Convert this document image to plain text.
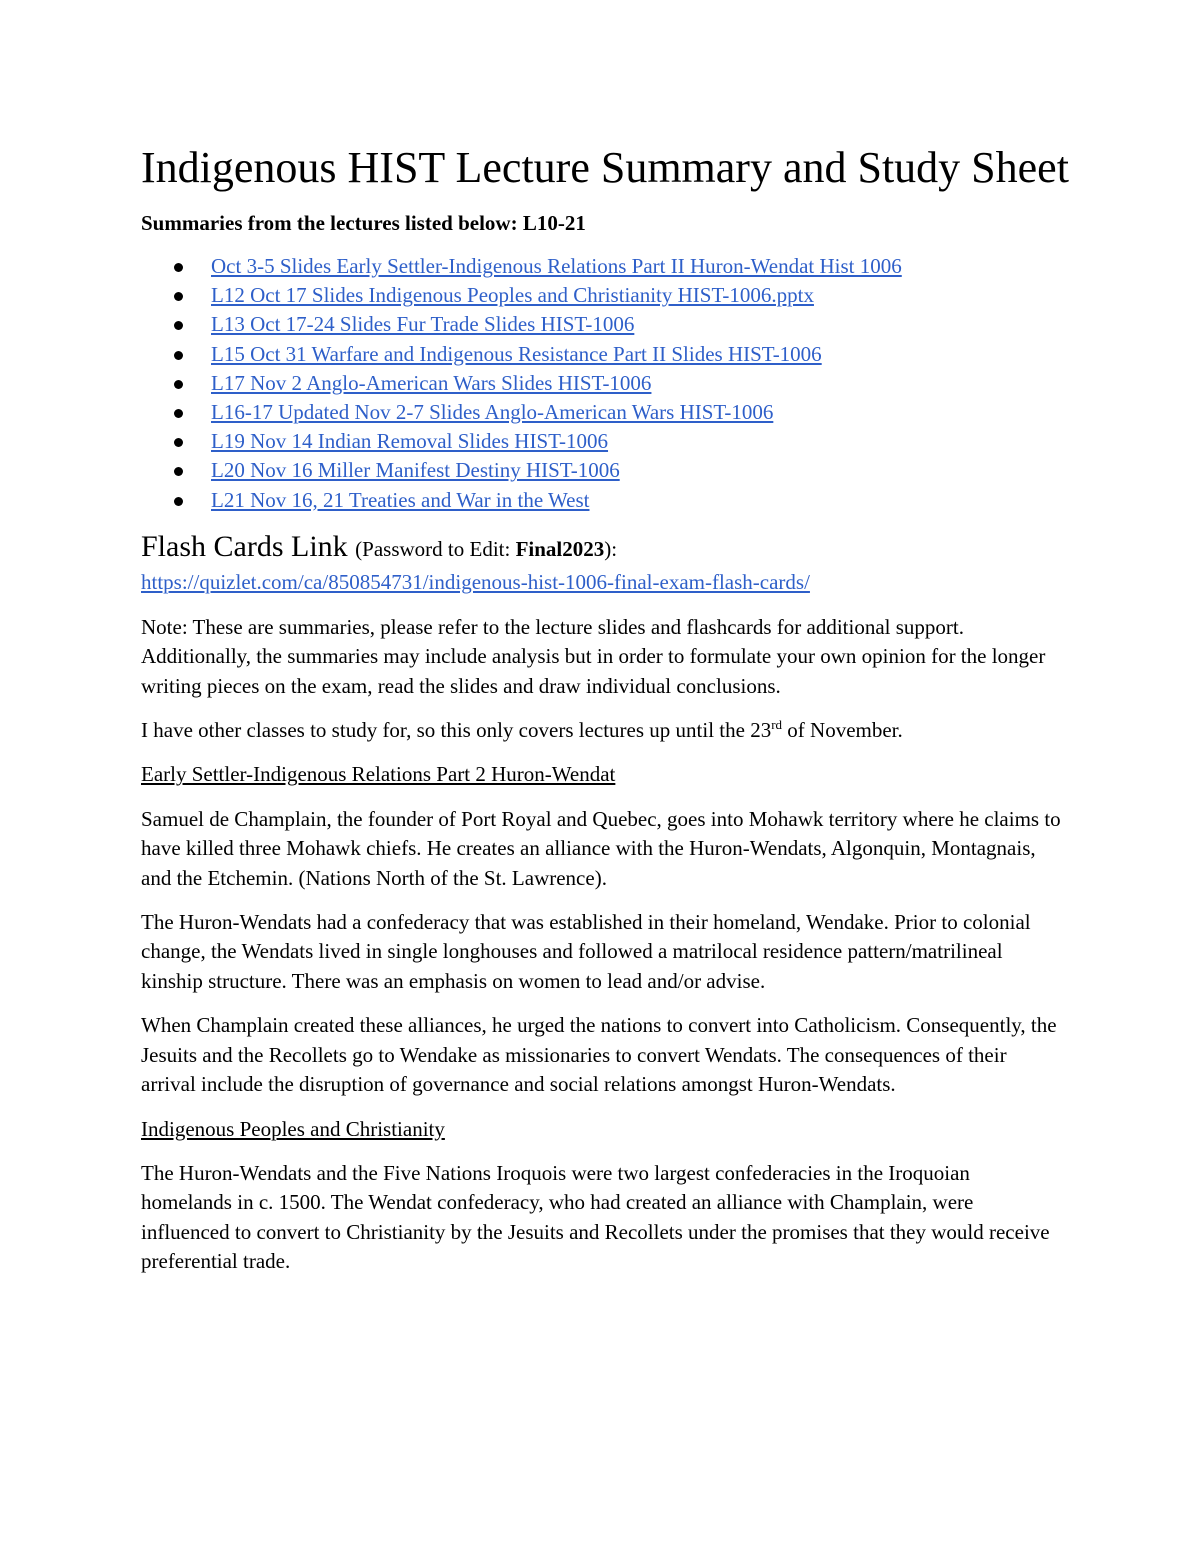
Indigenous HIST Lecture Summary and Study Sheet
Summaries from the lectures listed below: L10-21
Oct 3-5 Slides Early Settler-Indigenous Relations Part II Huron-Wendat Hist 1006
L12 Oct 17 Slides Indigenous Peoples and Christianity HIST-1006.pptx
L13 Oct 17-24 Slides Fur Trade Slides HIST-1006
L15 Oct 31 Warfare and Indigenous Resistance Part II Slides HIST-1006
L17 Nov 2 Anglo-American Wars Slides HIST-1006
L16-17 Updated Nov 2-7 Slides Anglo-American Wars HIST-1006
L19 Nov 14 Indian Removal Slides HIST-1006
L20 Nov 16 Miller Manifest Destiny HIST-1006
L21 Nov 16, 21 Treaties and War in the West
Flash Cards Link (Password to Edit: Final2023):
https://quizlet.com/ca/850854731/indigenous-hist-1006-final-exam-flash-cards/

Note: These are summaries, please refer to the lecture slides and flashcards for additional support. Additionally, the summaries may include analysis but in order to formulate your own opinion for the longer writing pieces on the exam, read the slides and draw individual conclusions.

I have other classes to study for, so this only covers lectures up until the 23rd of November.

Early Settler-Indigenous Relations Part 2 Huron-Wendat

Samuel de Champlain, the founder of Port Royal and Quebec, goes into Mohawk territory where he claims to have killed three Mohawk chiefs. He creates an alliance with the Huron-Wendats, Algonquin, Montagnais, and the Etchemin. (Nations North of the St. Lawrence).

The Huron-Wendats had a confederacy that was established in their homeland, Wendake. Prior to colonial change, the Wendats lived in single longhouses and followed a matrilocal residence pattern/matrilineal kinship structure. There was an emphasis on women to lead and/or advise.

When Champlain created these alliances, he urged the nations to convert into Catholicism. Consequently, the Jesuits and the Recollets go to Wendake as missionaries to convert Wendats. The consequences of their arrival include the disruption of governance and social relations amongst Huron-Wendats.

Indigenous Peoples and Christianity

The Huron-Wendats and the Five Nations Iroquois were two largest confederacies in the Iroquoian homelands in c. 1500. The Wendat confederacy, who had created an alliance with Champlain, were influenced to convert to Christianity by the Jesuits and Recollets under the promises that they would receive preferential trade.
